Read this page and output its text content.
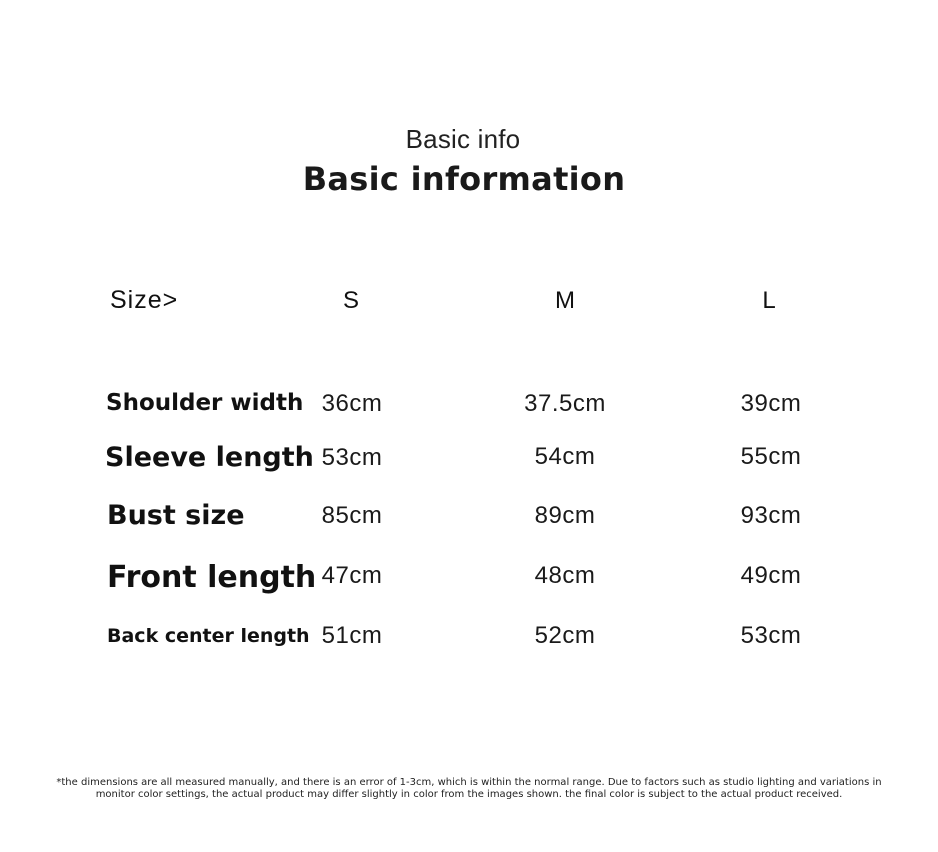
Basic info
Basic information
Size>	S	M	L
Shoulder width 36cm	37.5cm	39cm
Sleeve length 53cm	54cm	55cm
Bust size	85cm	89cm	93cm
Front length 47cm	48cm	49cm
Back center length 51cm	52cm	53cm
*the dimensions are all measured manually, and there is an error of 1-3cm, which is within the normal range. Due to factors such as studio lighting and variations in
monitor color settings, the actual product may differ slightly in color from the images shown. the final color is subject to the actual product received.
